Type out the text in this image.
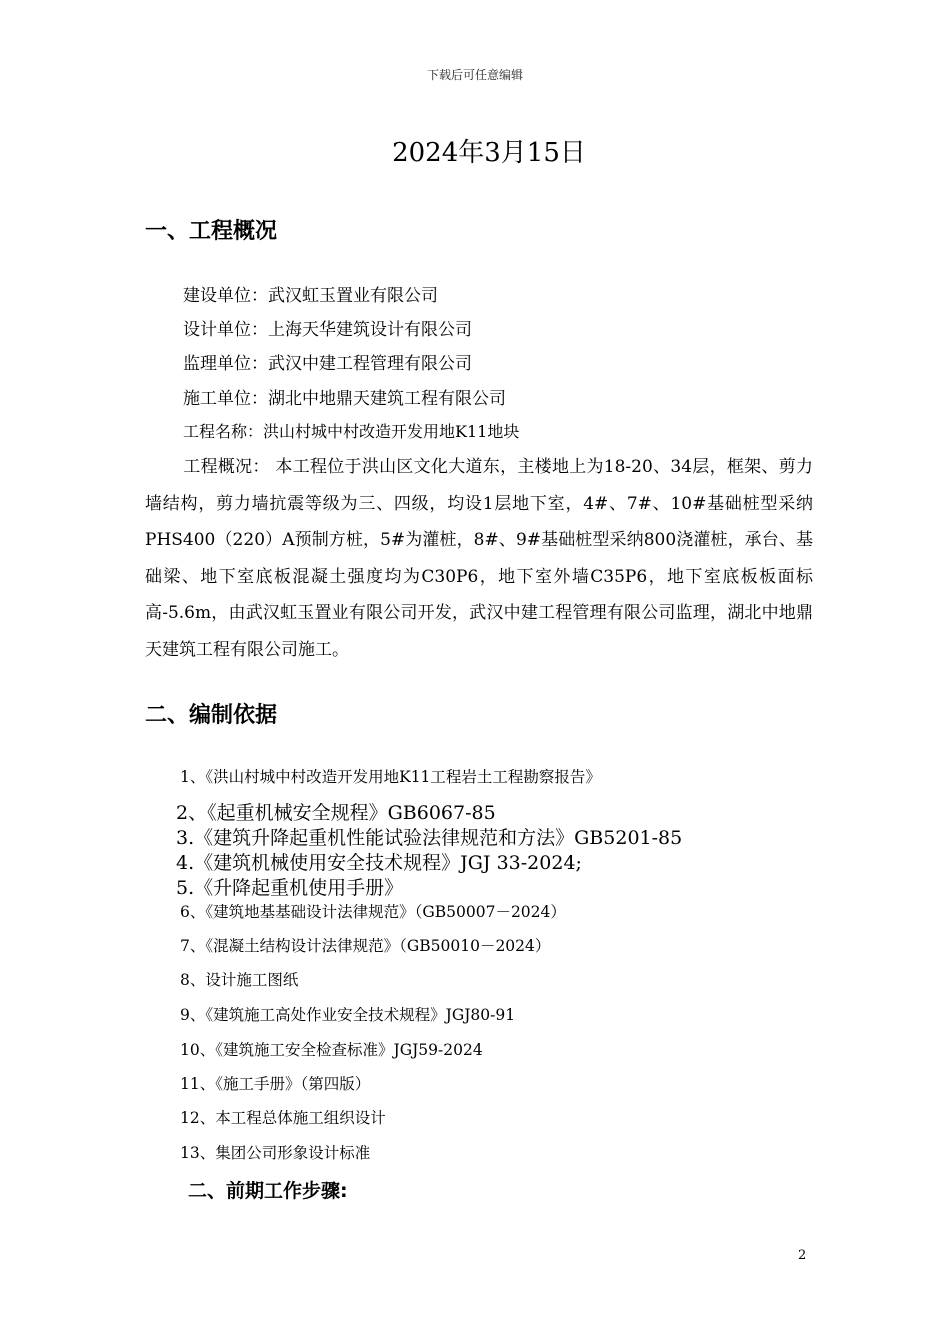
下载后可任意编辑
2024年3月15日
一、工程概况
建设单位：武汉虹玉置业有限公司
设计单位：上海天华建筑设计有限公司
监理单位：武汉中建工程管理有限公司
施工单位：湖北中地鼎天建筑工程有限公司
工程名称：洪山村城中村改造开发用地K11地块
工程概况： 本工程位于洪山区文化大道东，主楼地上为18-20、34层，框架、剪力墙结构，剪力墙抗震等级为三、四级，均设1层地下室，4#、7#、10#基础桩型采纳PHS400（220）A预制方桩，5#为灌桩，8#、9#基础桩型采纳800浇灌桩，承台、基础梁、地下室底板混凝土强度均为C30P6，地下室外墙C35P6，地下室底板板面标高-5.6m，由武汉虹玉置业有限公司开发，武汉中建工程管理有限公司监理，湖北中地鼎天建筑工程有限公司施工。
二、编制依据
1、《洪山村城中村改造开发用地K11工程岩土工程勘察报告》
2、《起重机械安全规程》GB6067-85
3.《建筑升降起重机性能试验法律规范和方法》GB5201-85
4.《建筑机械使用安全技术规程》JGJ 33-2024;
5.《升降起重机使用手册》
6、《建筑地基基础设计法律规范》（GB50007－2024）
7、《混凝土结构设计法律规范》（GB50010－2024）
8、设计施工图纸
9、《建筑施工高处作业安全技术规程》JGJ80-91
10、《建筑施工安全检查标准》JGJ59-2024
11、《施工手册》（第四版）
12、本工程总体施工组织设计
13、集团公司形象设计标准
二、前期工作步骤:
2
